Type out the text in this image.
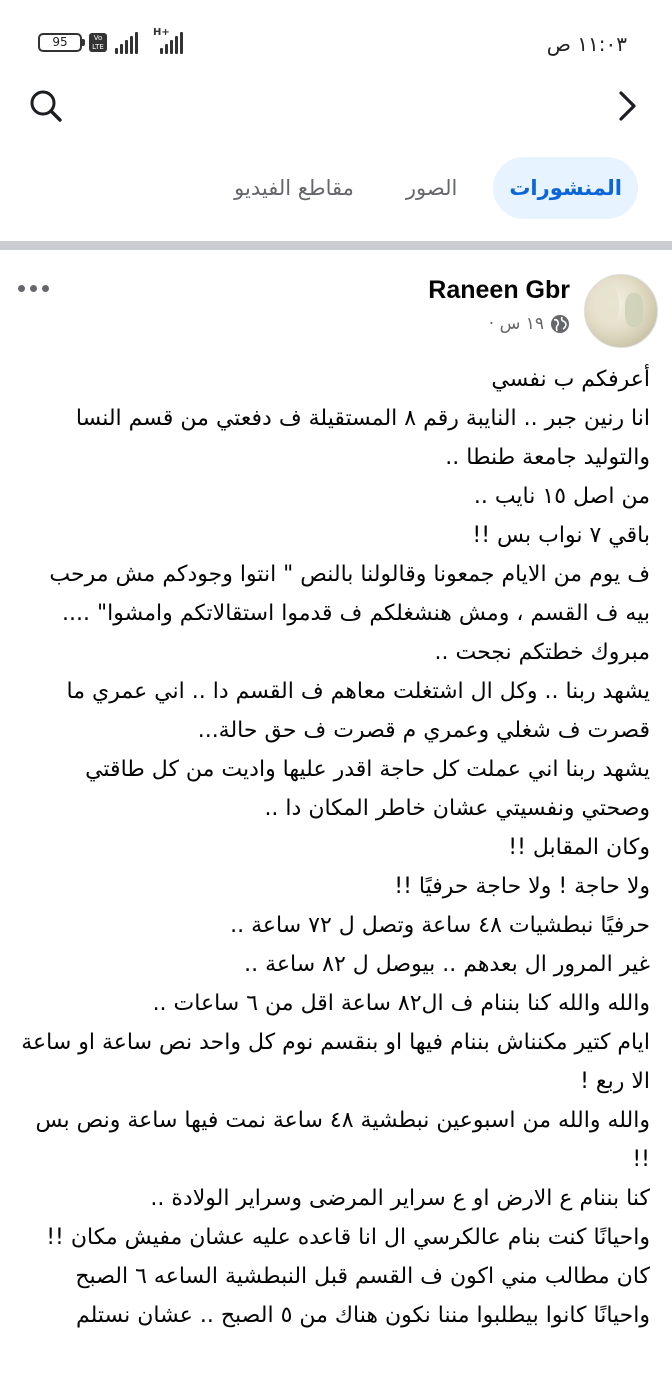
95	Vo
LTE
H+	١١:٠٣ ص
المنشورات
الصور
مقاطع الفيديو
Raneen Gbr
١٩ س ·

أعرفكم ب نفسي

انا رنين جبر .. النايبة رقم ٨ المستقيلة ف دفعتي من قسم النسا والتوليد جامعة طنطا ..

من اصل ١٥ نايب ..

باقي ٧ نواب بس !!

ف يوم من الايام جمعونا وقالولنا بالنص " انتوا وجودكم مش مرحب بيه ف القسم ، ومش هنشغلكم ف قدموا استقالاتكم وامشوا" ....

مبروك خطتكم نجحت ..

يشهد ربنا .. وكل ال اشتغلت معاهم ف القسم دا .. اني عمري ما قصرت ف شغلي وعمري م قصرت ف حق حالة...

يشهد ربنا اني عملت كل حاجة اقدر عليها واديت من كل طاقتي وصحتي ونفسيتي عشان خاطر المكان دا ..

وكان المقابل !!

ولا حاجة ! ولا حاجة حرفيًا !!

حرفيًا نبطشيات ٤٨ ساعة وتصل ل ٧٢ ساعة ..

غير المرور ال بعدهم .. بيوصل ل ٨٢ ساعة ..

والله والله كنا بننام ف ال٨٢ ساعة اقل من ٦ ساعات ..

ايام كتير مكنناش بننام فيها او بنقسم نوم كل واحد نص ساعة او ساعة الا ربع !

والله والله من اسبوعين نبطشية ٤٨ ساعة نمت فيها ساعة ونص بس !!

كنا بننام ع الارض او ع سراير المرضى وسراير الولادة ..

واحيانًا كنت بنام عالكرسي ال انا قاعده عليه عشان مفيش مكان !!

كان مطالب مني اكون ف القسم قبل النبطشية الساعه ٦ الصبح

واحيانًا كانوا بيطلبوا مننا نكون هناك من ٥ الصبح .. عشان نستلم
